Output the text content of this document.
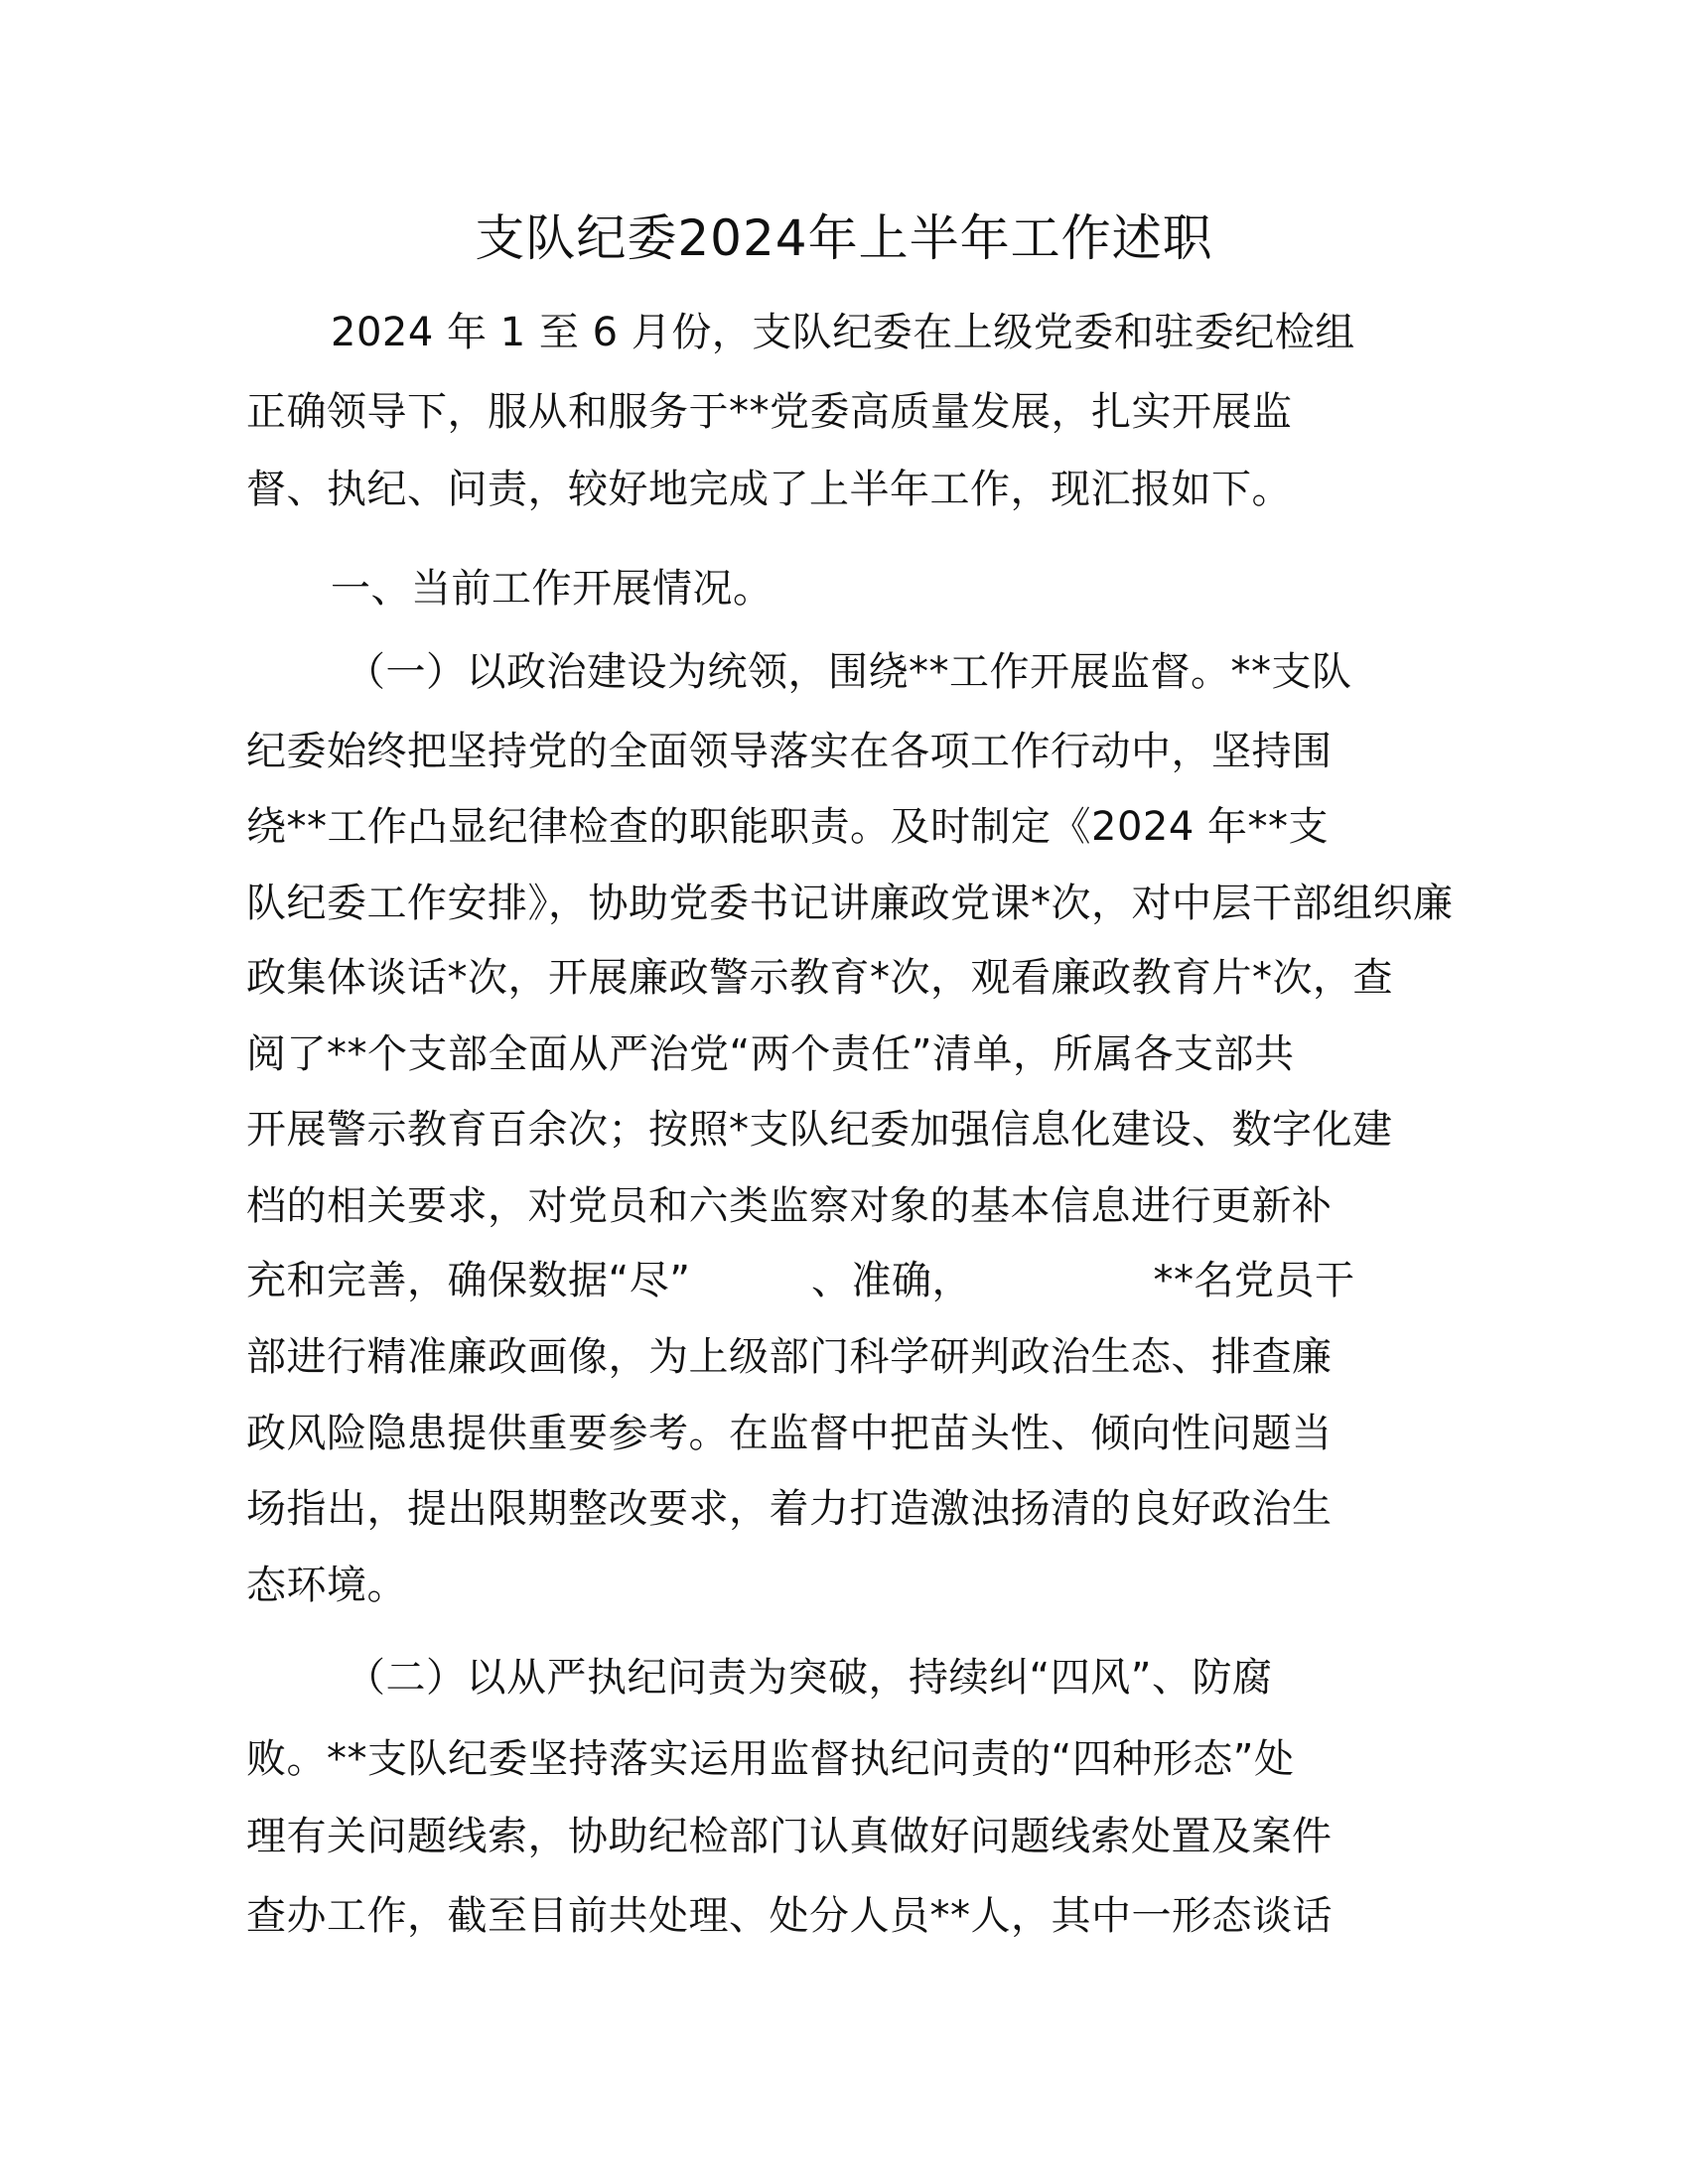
支队纪委2024年上半年工作述职
2024 年 1 至 6 月份，支队纪委在上级党委和驻委纪检组
正确领导下，服从和服务于**党委高质量发展，扎实开展监
督、执纪、问责，较好地完成了上半年工作，现汇报如下。
一、当前工作开展情况。
（一）以政治建设为统领，围绕**工作开展监督。**支队
纪委始终把坚持党的全面领导落实在各项工作行动中，坚持围
绕**工作凸显纪律检查的职能职责。及时制定《2024 年**支
队纪委工作安排》，协助党委书记讲廉政党课*次，对中层干部组织廉
政集体谈话*次，开展廉政警示教育*次，观看廉政教育片*次，查
阅了**个支部全面从严治党“两个责任”清单，所属各支部共
开展警示教育百余次；按照*支队纪委加强信息化建设、数字化建
档的相关要求，对党员和六类监察对象的基本信息进行更新补
充和完善，确保数据“尽”　　　、准确，　　　　　**名党员干
部进行精准廉政画像，为上级部门科学研判政治生态、排查廉
政风险隐患提供重要参考。在监督中把苗头性、倾向性问题当
场指出，提出限期整改要求，着力打造激浊扬清的良好政治生
态环境。
（二）以从严执纪问责为突破，持续纠“四风”、防腐
败。**支队纪委坚持落实运用监督执纪问责的“四种形态”处
理有关问题线索，协助纪检部门认真做好问题线索处置及案件
查办工作，截至目前共处理、处分人员**人，其中一形态谈话
